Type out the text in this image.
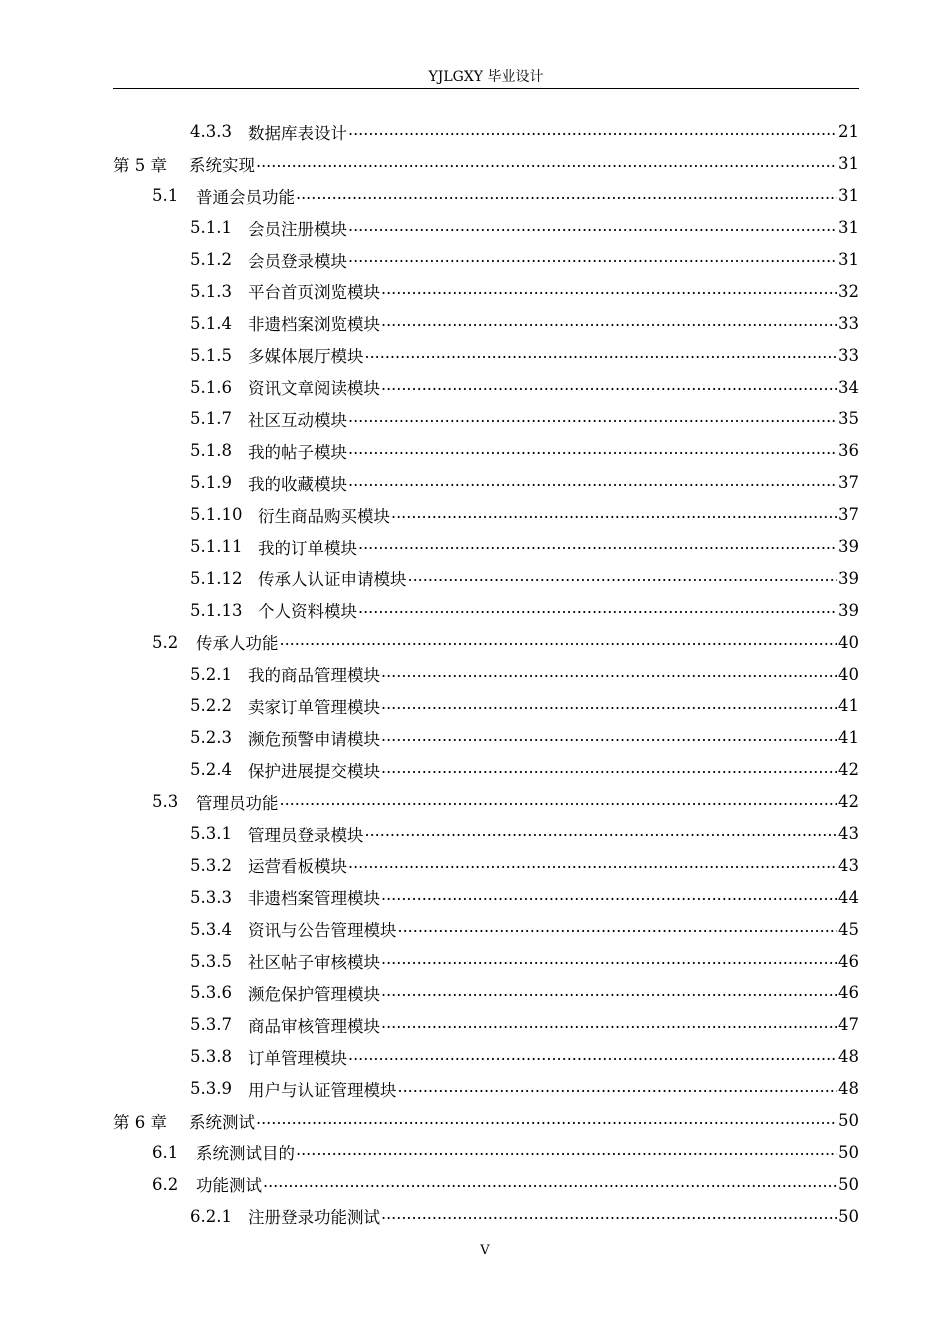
YJLGXY 毕业设计
4.3.3 数据库表设计 .....	21
第 5 章	系统实现 .....	31
5.1	普通会员功能 .....	31
5.1.1 会员注册模块 .....	31
5.1.2 会员登录模块 .....	31
5.1.3 平台首页浏览模块 .....	32
5.1.4 非遗档案浏览模块 .....	33
5.1.5 多媒体展厅模块 .....	33
5.1.6 资讯文章阅读模块 .....	34
5.1.7 社区互动模块 .....	35
5.1.8 我的帖子模块 .....	36
5.1.9 我的收藏模块 .....	37
5.1.10 衍生商品购买模块 .....	37
5.1.11 我的订单模块 .....	39
5.1.12 传承人认证申请模块 .....	39
5.1.13 个人资料模块 .....	39
5.2	传承人功能 .....	40
5.2.1 我的商品管理模块 .....	40
5.2.2 卖家订单管理模块 .....	41
5.2.3 濒危预警申请模块 .....	41
5.2.4 保护进展提交模块 .....	42
5.3	管理员功能 .....	42
5.3.1 管理员登录模块 .....	43
5.3.2 运营看板模块 .....	43
5.3.3 非遗档案管理模块 .....	44
5.3.4 资讯与公告管理模块 .....	45
5.3.5 社区帖子审核模块 .....	46
5.3.6 濒危保护管理模块 .....	46
5.3.7 商品审核管理模块 .....	47
5.3.8 订单管理模块 .....	48
5.3.9 用户与认证管理模块 .....	48
第 6 章	系统测试 .....	50
6.1	系统测试目的 .....	50
6.2	功能测试 .....	50
6.2.1 注册登录功能测试 .....	50
V
